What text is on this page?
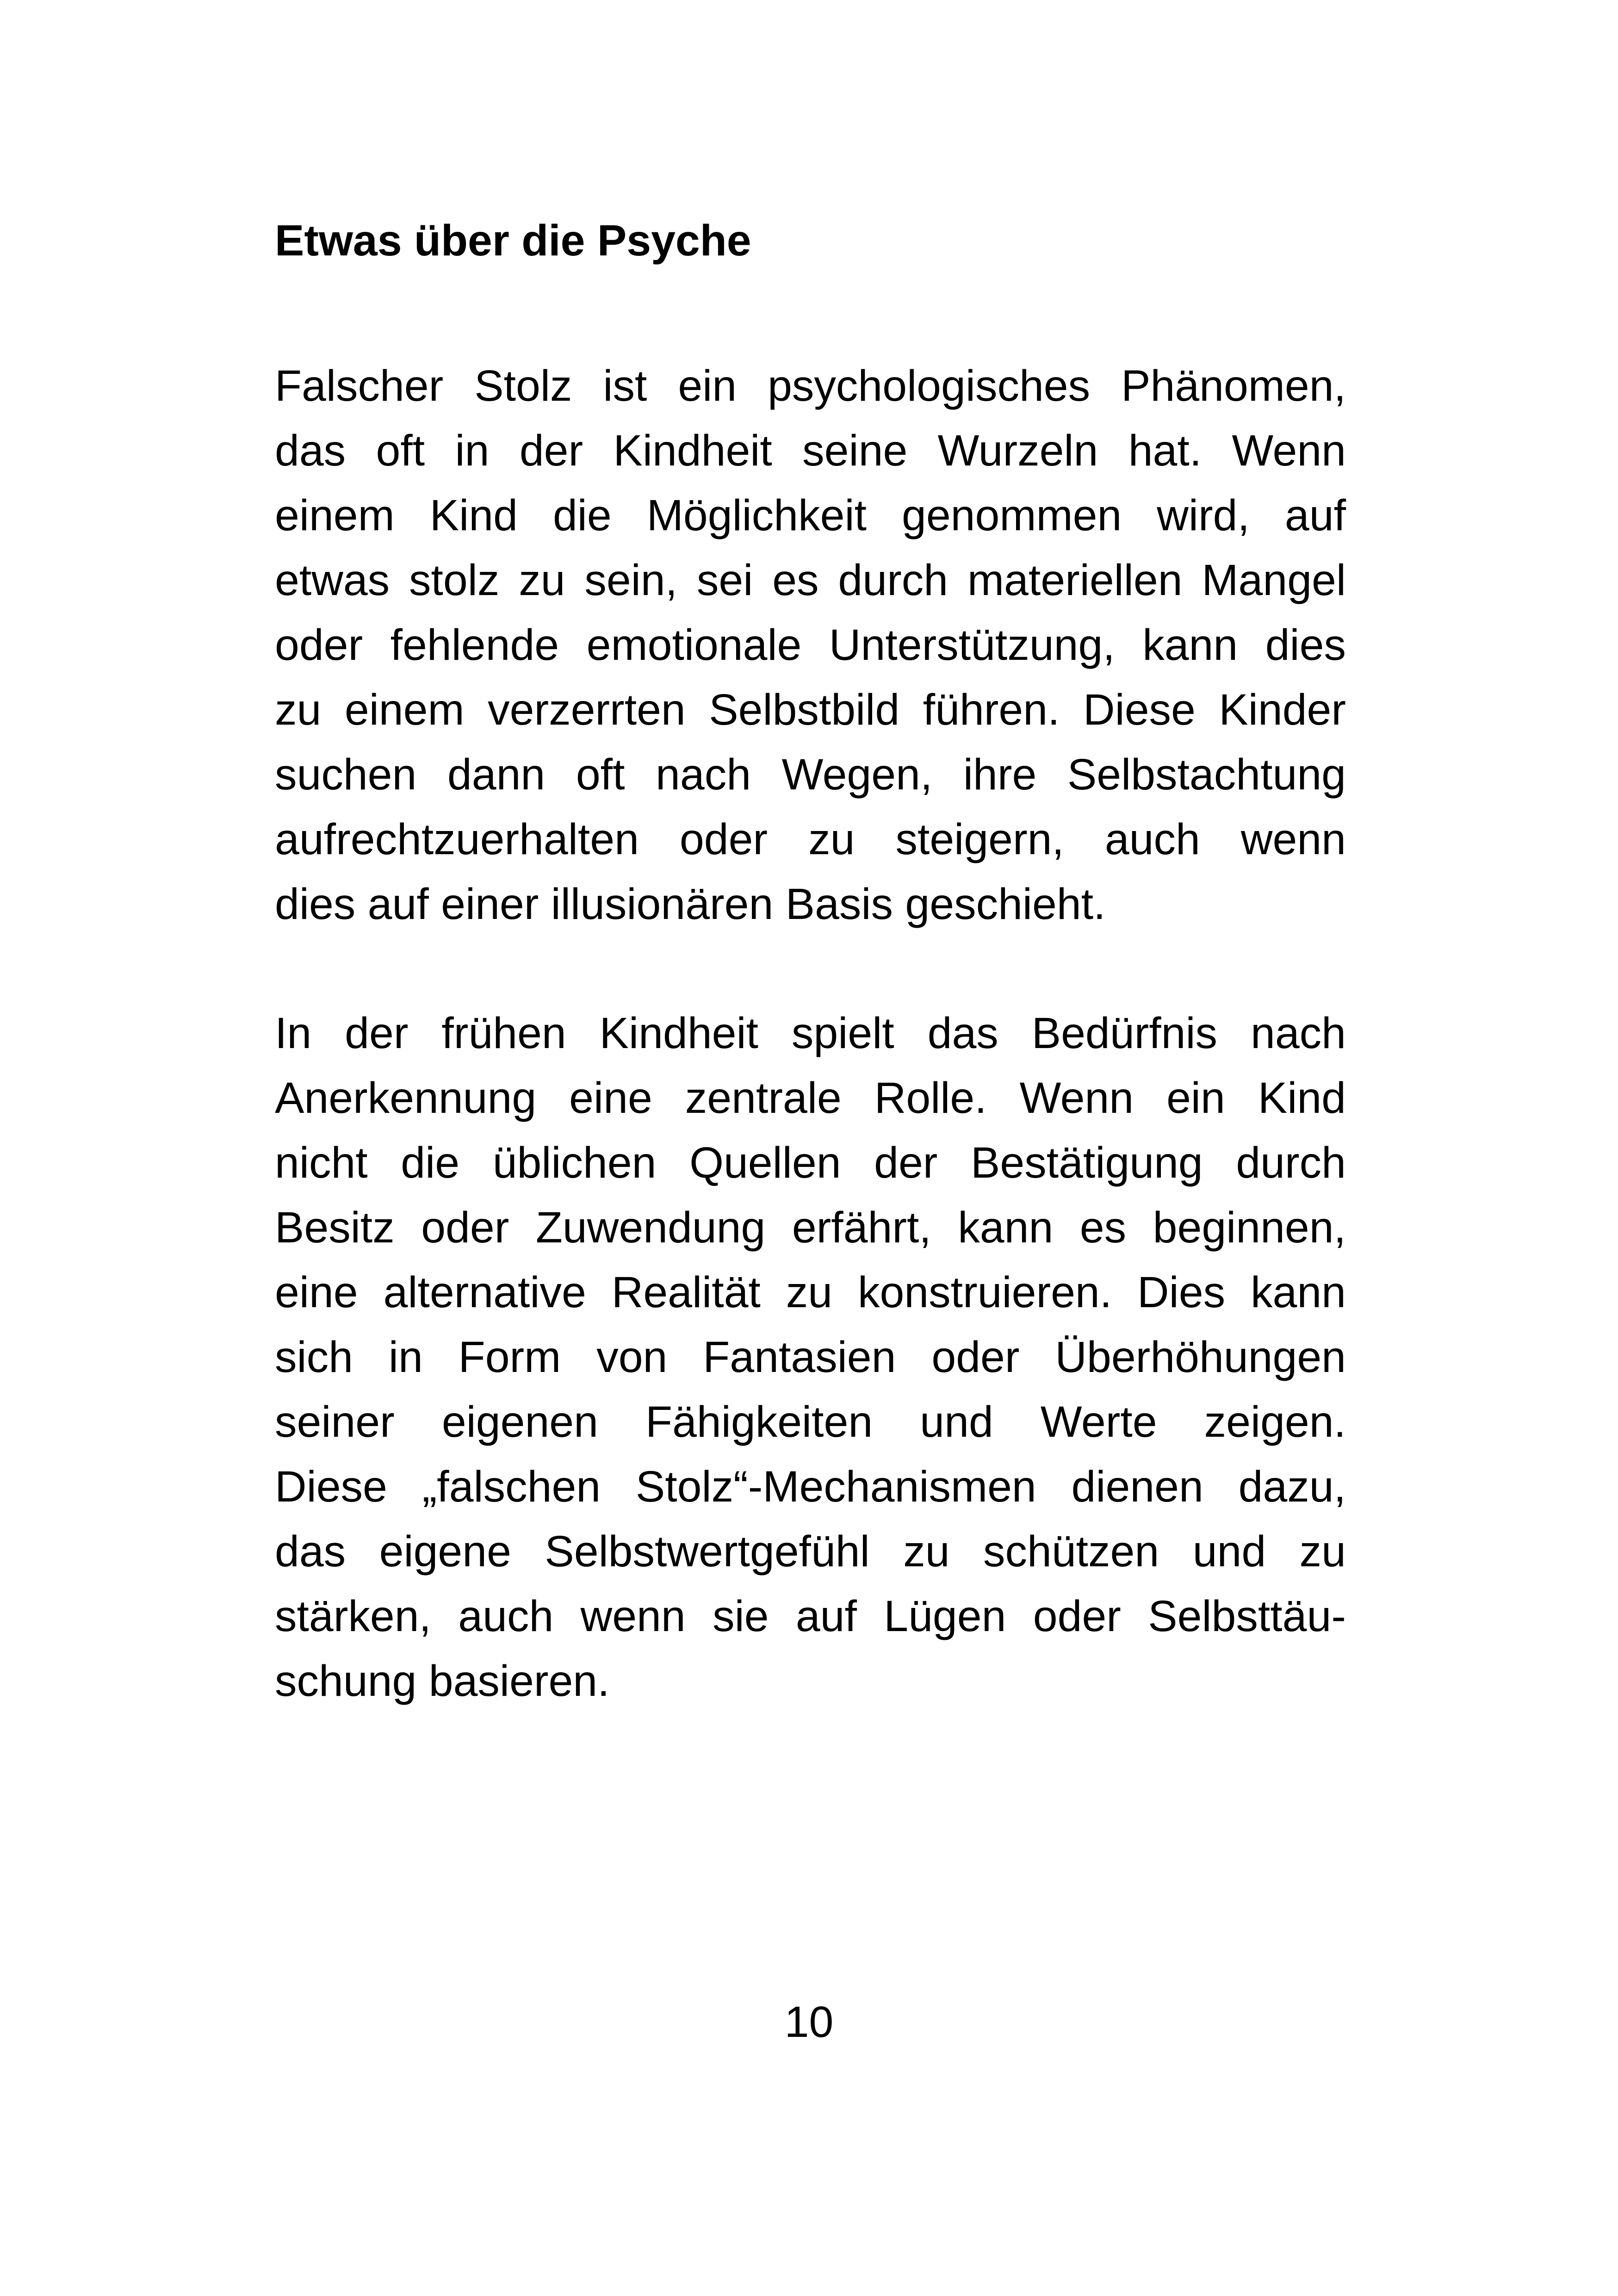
Etwas über die Psyche

Falscher Stolz ist ein psychologisches Phänomen,
das oft in der Kindheit seine Wurzeln hat. Wenn
einem Kind die Möglichkeit genommen wird, auf
etwas stolz zu sein, sei es durch materiellen Mangel
oder fehlende emotionale Unterstützung, kann dies
zu einem verzerrten Selbstbild führen. Diese Kinder
suchen dann oft nach Wegen, ihre Selbstachtung
aufrechtzuerhalten oder zu steigern, auch wenn
dies auf einer illusionären Basis geschieht.

In der frühen Kindheit spielt das Bedürfnis nach
Anerkennung eine zentrale Rolle. Wenn ein Kind
nicht die üblichen Quellen der Bestätigung durch
Besitz oder Zuwendung erfährt, kann es beginnen,
eine alternative Realität zu konstruieren. Dies kann
sich in Form von Fantasien oder Überhöhungen
seiner eigenen Fähigkeiten und Werte zeigen.
Diese „falschen Stolz“-Mechanismen dienen dazu,
das eigene Selbstwertgefühl zu schützen und zu
stärken, auch wenn sie auf Lügen oder Selbsttäu-
schung basieren.

10
